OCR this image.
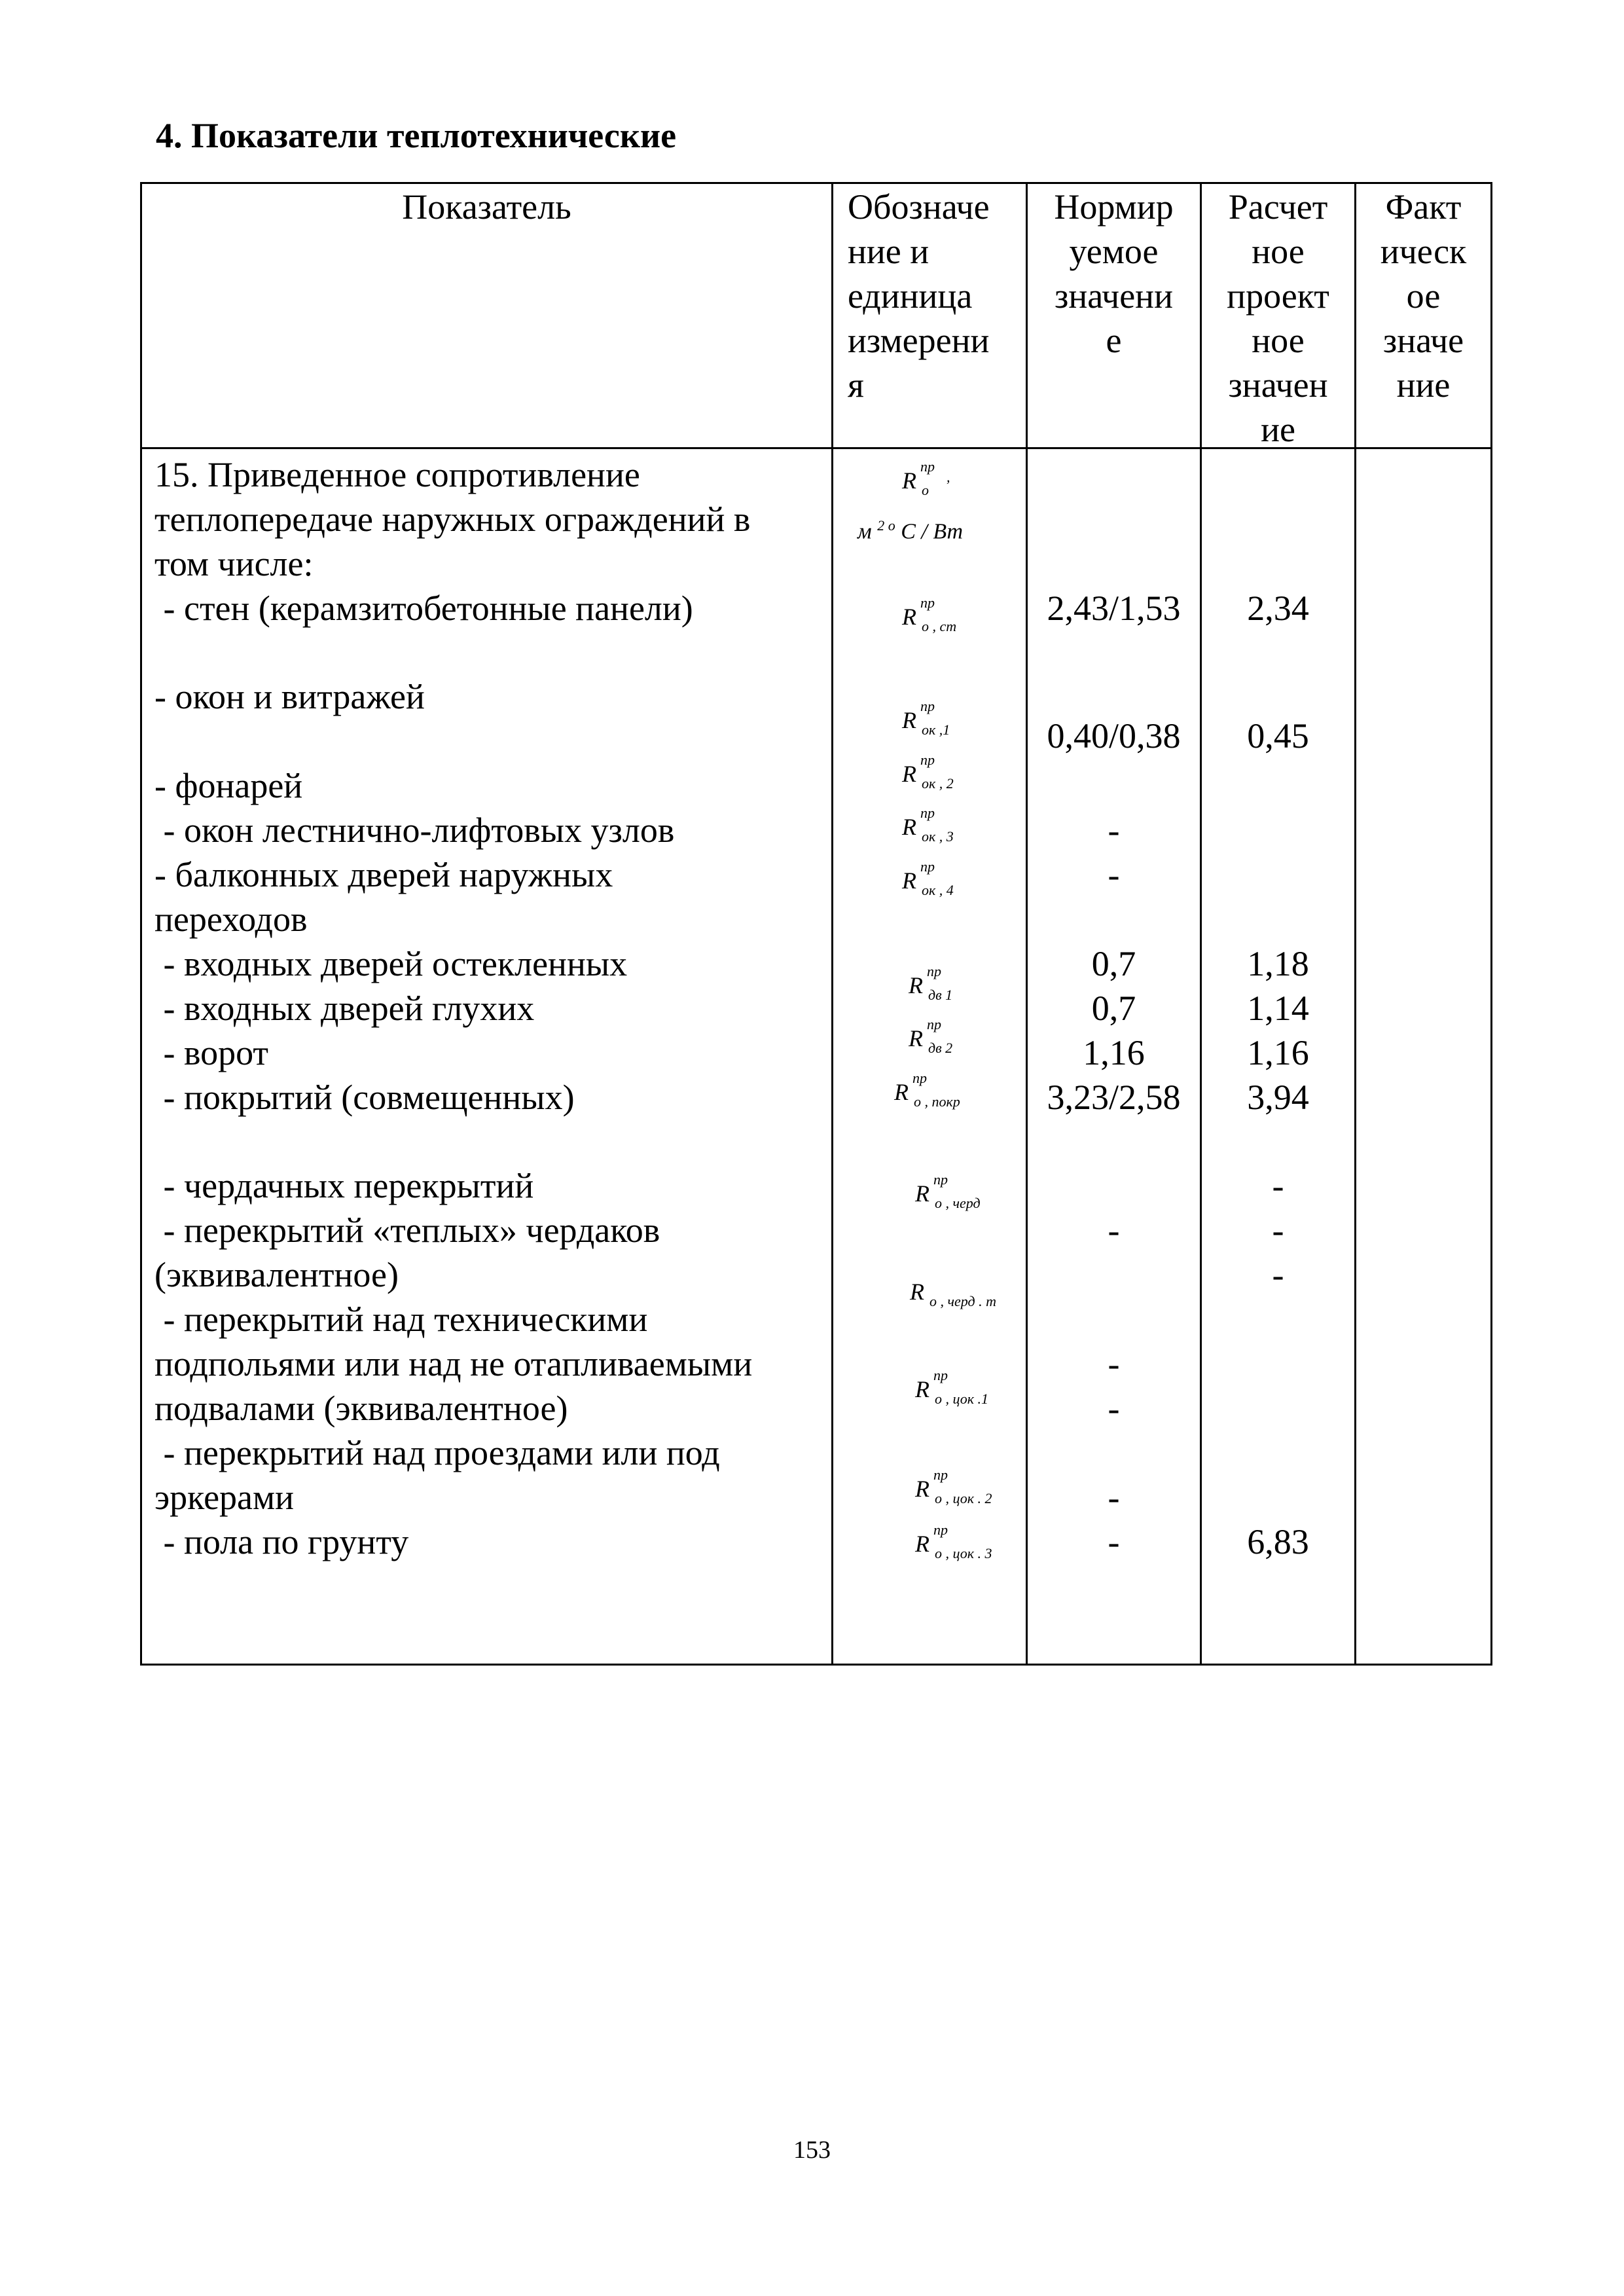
4. Показатели теплотехнические
Показатель	Обозначе
ние и
единица
измерени
я
Нормир
уемое
значени
е
Расчет
ное
проект
ное
значен
ие
Факт
ическ
ое
значе
ние
15. Приведенное сопротивление
теплопередаче наружных ограждений в
том числе:
- стен (керамзитобетонные панели)
- окон и витражей
- фонарей
- окон лестнично-лифтовых узлов
- балконных дверей наружных
переходов
- входных дверей остекленных
- входных дверей глухих
- ворот
- покрытий (совмещенных)
- чердачных перекрытий
- перекрытий «теплых» чердаков
(эквивалентное)
- перекрытий над техническими
подпольями или над не отапливаемыми
подвалами (эквивалентное)
- перекрытий над проездами или под
эркерами
- пола по грунту
R
пр
о
,
м $^{2 о}$ С / Вт
R
пр
о , ст
R
пр
ок ,1
R
пр
ок , 2
R
пр
ок , 3
R
пр
ок , 4
R
пр
дв 1
R
пр
дв 2
R
пр
о , покр
R
пр
о , черд
R о , черд . т
R
пр
о , цок .1
R
пр
о , цок . 2
R
пр
о , цок . 3
2,43/1,53
0,40/0,38
-
-
0,7
0,7
1,16
3,23/2,58
-
-
-
-
-
2,34
0,45
1,18
1,14
1,16
3,94
-
-
-
6,83
153
